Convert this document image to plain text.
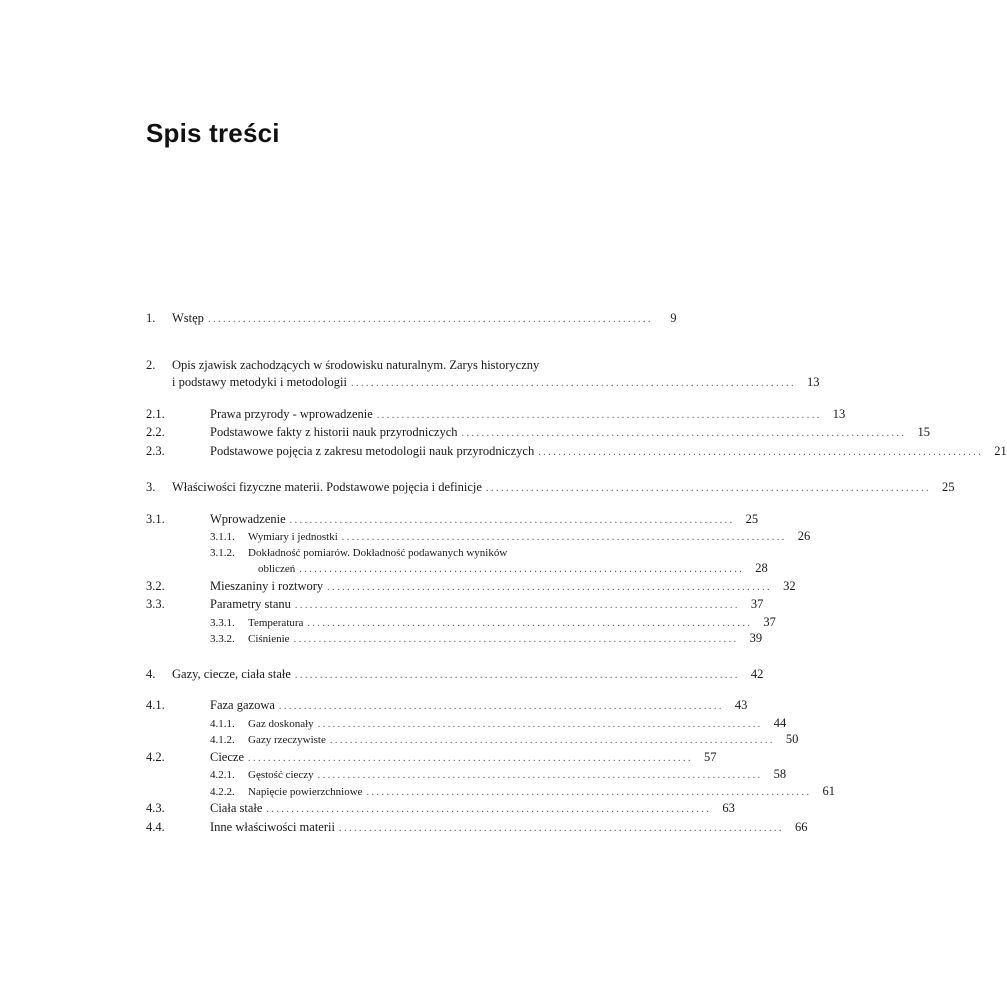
Spis treści
1.	Wstęp . . .	9
2. Opis zjawisk zachodzących w środowisku naturalnym. Zarys historyczny
i podstawy metodyki i metodologii . . .	13
2.1.	Prawa przyrody - wprowadzenie . . .	13
2.2.	Podstawowe fakty z historii nauk przyrodniczych . . .	15
2.3.	Podstawowe pojęcia z zakresu metodologii nauk przyrodniczych . . .	21
3.	Właściwości fizyczne materii. Podstawowe pojęcia i definicje . . .	25
3.1.	Wprowadzenie . . .	25
3.1.1.	Wymiary i jednostki . . .	26
3.1.2. Dokładność pomiarów. Dokładność podawanych wyników
obliczeń . . .	28
3.2.	Mieszaniny i roztwory . . .	32
3.3.	Parametry stanu . . .	37
3.3.1.	Temperatura . . .	37
3.3.2.	Ciśnienie . . .	39
4.	Gazy, ciecze, ciała stałe . . .	42
4.1.	Faza gazowa . . .	43
4.1.1.	Gaz doskonały . . .	44
4.1.2.	Gazy rzeczywiste . . .	50
4.2.	Ciecze . . .	57
4.2.1.	Gęstość cieczy . . .	58
4.2.2.	Napięcie powierzchniowe . . .	61
4.3.	Ciała stałe . . .	63
4.4.	Inne właściwości materii . . .	66
